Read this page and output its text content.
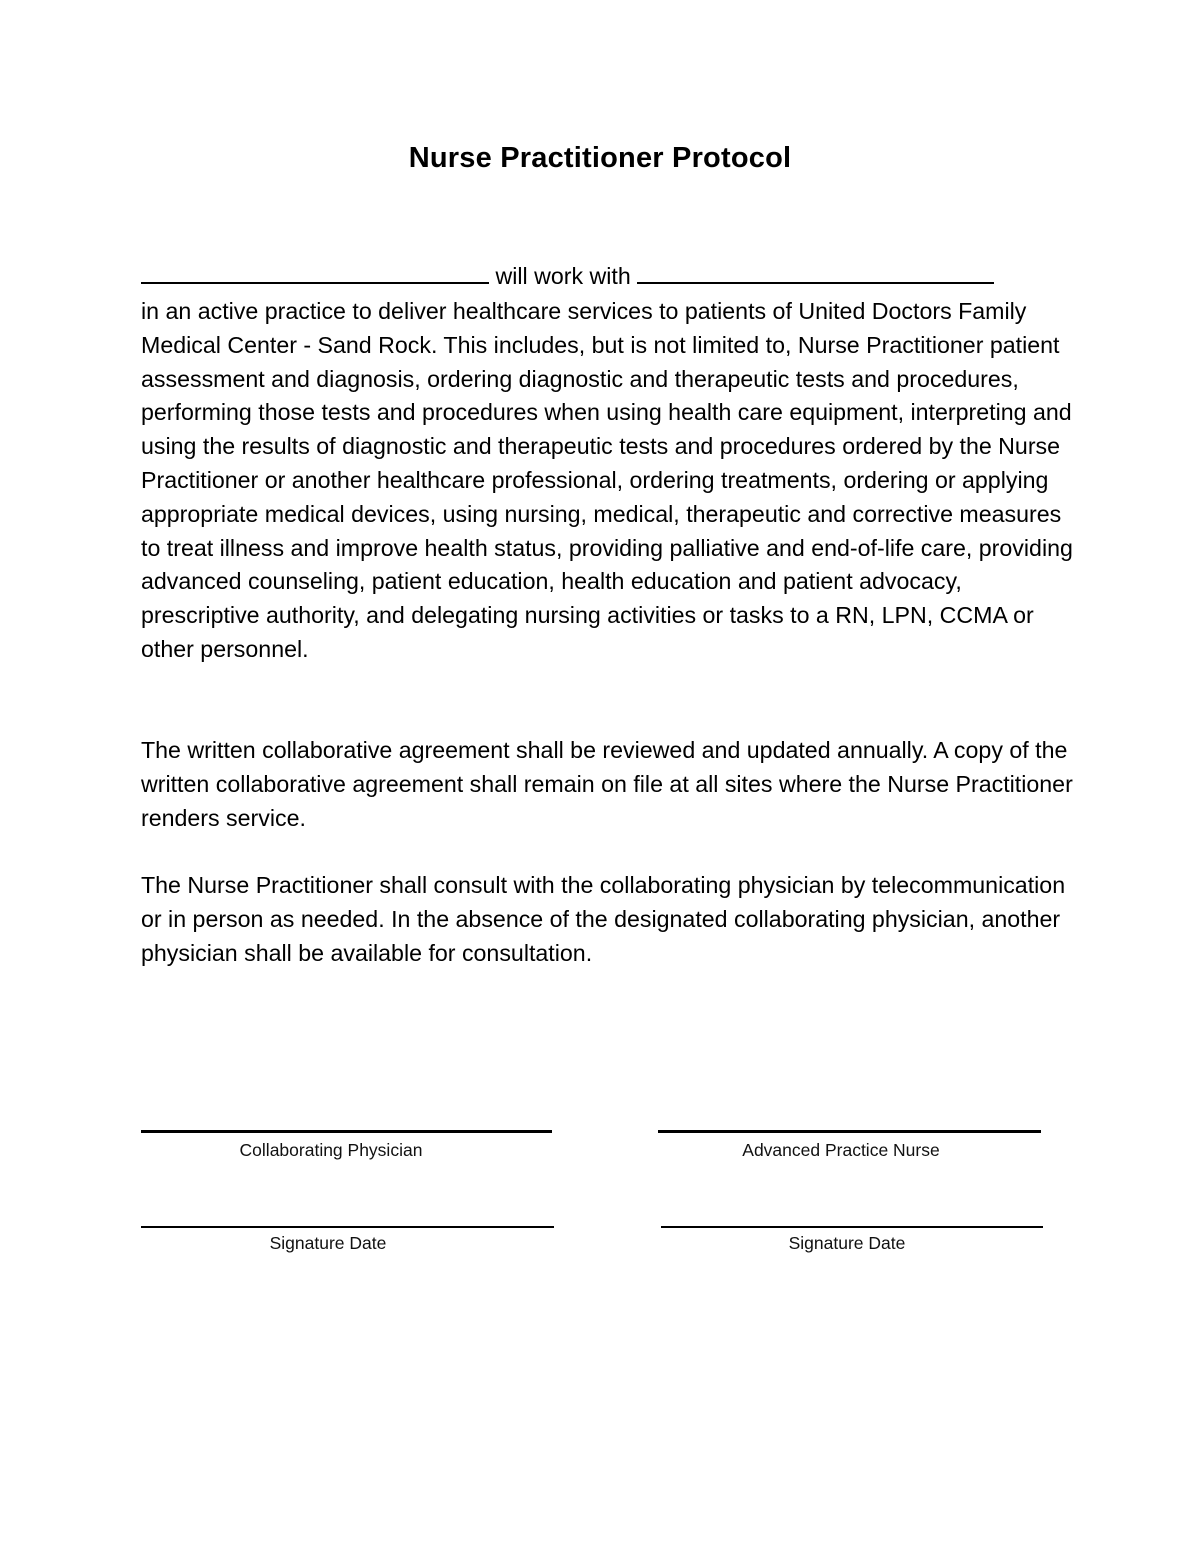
Nurse Practitioner Protocol
will work with
in an active practice to deliver healthcare services to patients of United Doctors Family Medical Center - Sand Rock. This includes, but is not limited to, Nurse Practitioner patient assessment and diagnosis, ordering diagnostic and therapeutic tests and procedures, performing those tests and procedures when using health care equipment, interpreting and using the results of diagnostic and therapeutic tests and procedures ordered by the Nurse Practitioner or another healthcare professional, ordering treatments, ordering or applying appropriate medical devices, using nursing, medical, therapeutic and corrective measures to treat illness and improve health status, providing palliative and end-of-life care, providing advanced counseling, patient education, health education and patient advocacy, prescriptive authority, and delegating nursing activities or tasks to a RN, LPN, CCMA or other personnel.
The written collaborative agreement shall be reviewed and updated annually. A copy of the written collaborative agreement shall remain on file at all sites where the Nurse Practitioner renders service.
The Nurse Practitioner shall consult with the collaborating physician by telecommunication or in person as needed. In the absence of the designated collaborating physician, another physician shall be available for consultation.
Collaborating Physician	Advanced Practice Nurse
Signature Date	Signature Date
